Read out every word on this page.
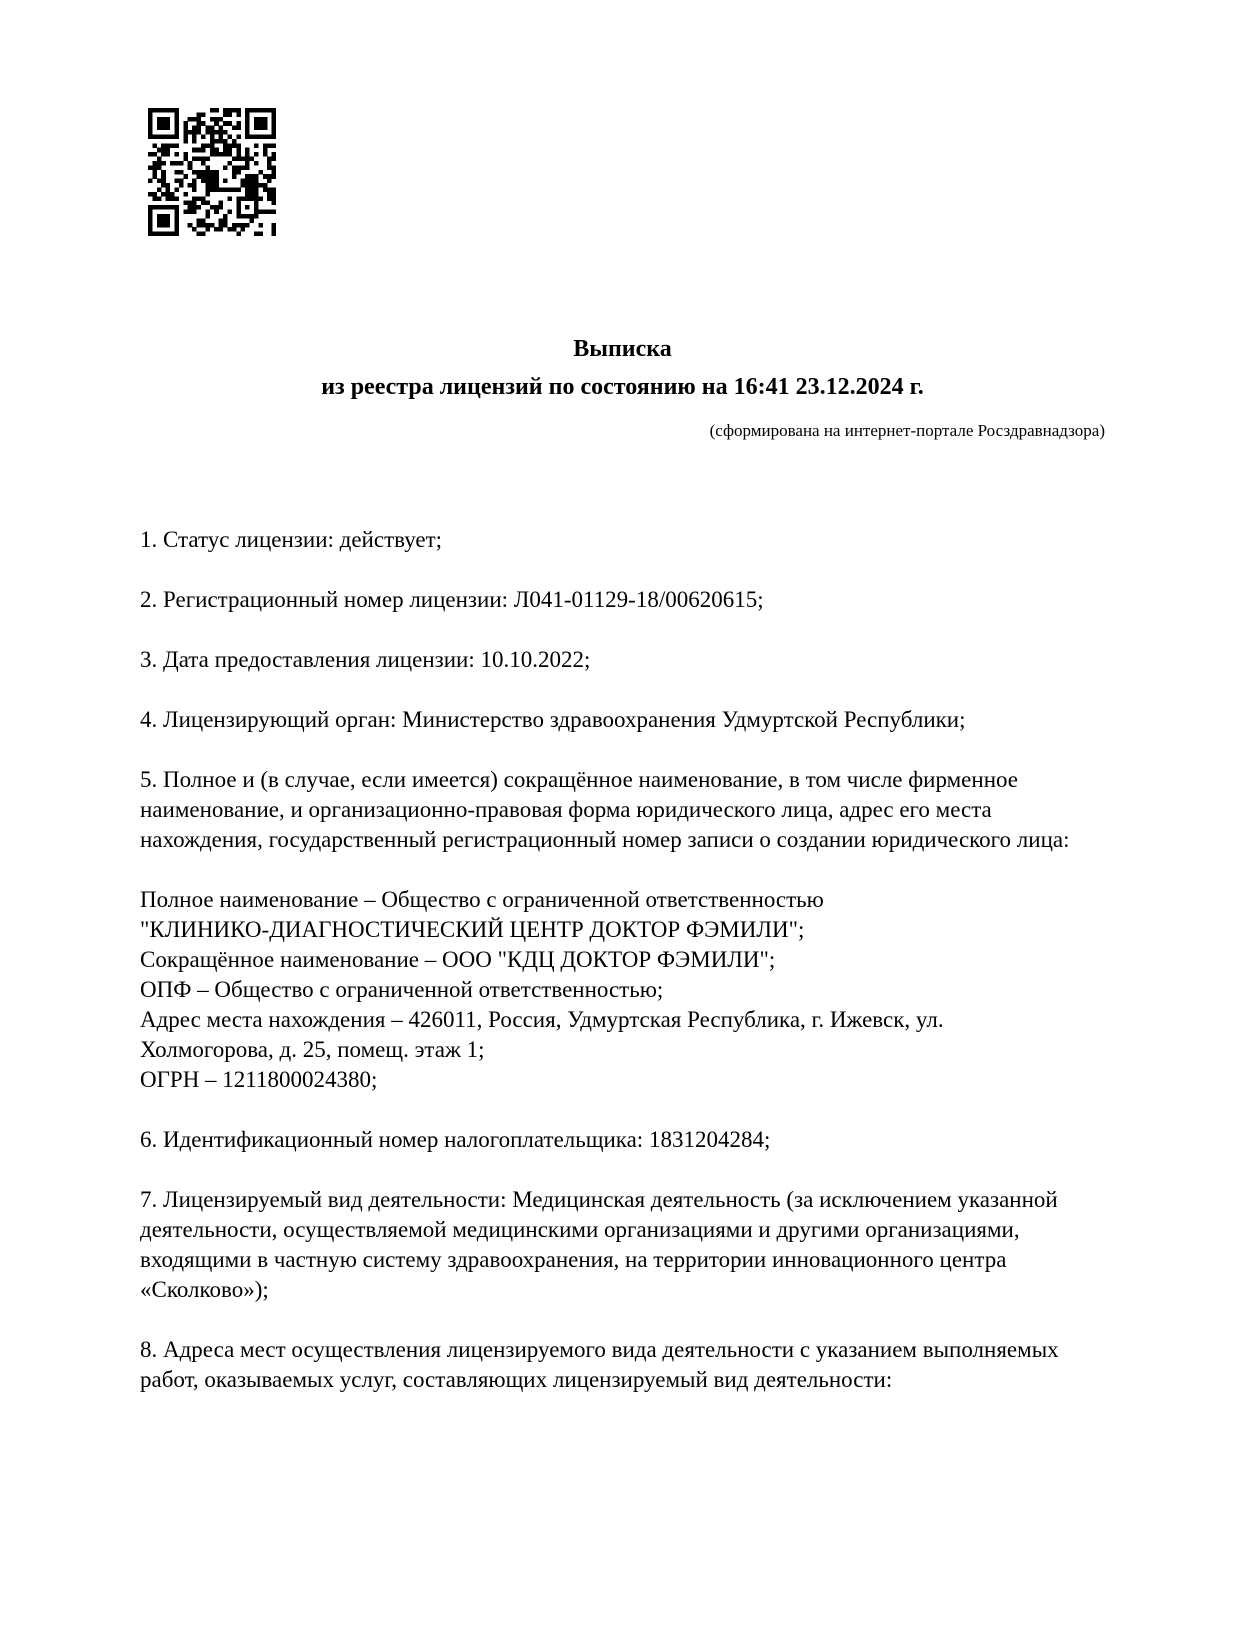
Выписка
из реестра лицензий по состоянию на 16:41 23.12.2024 г.
(сформирована на интернет-портале Росздравнадзора)
1. Статус лицензии: действует;
2. Регистрационный номер лицензии: Л041-01129-18/00620615;
3. Дата предоставления лицензии: 10.10.2022;
4. Лицензирующий орган: Министерство здравоохранения Удмуртской Республики;
5. Полное и (в случае, если имеется) сокращённое наименование, в том числе фирменное
наименование, и организационно-правовая форма юридического лица, адрес его места
нахождения, государственный регистрационный номер записи о создании юридического лица:
Полное наименование – Общество с ограниченной ответственностью
"КЛИНИКО-ДИАГНОСТИЧЕСКИЙ ЦЕНТР ДОКТОР ФЭМИЛИ";
Сокращённое наименование – ООО "КДЦ ДОКТОР ФЭМИЛИ";
ОПФ – Общество с ограниченной ответственностью;
Адрес места нахождения – 426011, Россия, Удмуртская Республика, г. Ижевск, ул.
Холмогорова, д. 25, помещ. этаж 1;
ОГРН – 1211800024380;
6. Идентификационный номер налогоплательщика: 1831204284;
7. Лицензируемый вид деятельности: Медицинская деятельность (за исключением указанной
деятельности, осуществляемой медицинскими организациями и другими организациями,
входящими в частную систему здравоохранения, на территории инновационного центра
«Сколково»);
8. Адреса мест осуществления лицензируемого вида деятельности с указанием выполняемых
работ, оказываемых услуг, составляющих лицензируемый вид деятельности:
